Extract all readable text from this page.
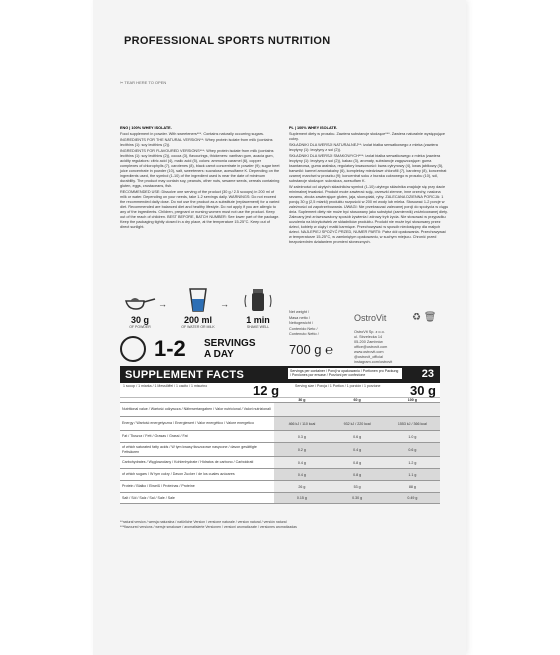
PROFESSIONAL SPORTS NUTRITION
✂ TEAR HERE TO OPEN

ENG | 100% WHEY ISOLATE.

Food supplement in powder. With sweeteners***. Contains naturally occurring sugars.

INGREDIENTS FOR THE NATURAL VERSION**: Whey protein isolate from milk (contains lecithins (1): soy lecithins (2)).

INGREDIENTS FOR FLAVOURED VERSIONS***: Whey protein isolate from milk (contains lecithins (1): soy lecithins (2)), cocoa (3), flavourings, thickeners: xanthan gum, acacia gum, acidity regulators: citric acid (4), malic acid (5), colors: ammonia caramel (6), copper complexes of chlorophylls (7), carotenes (8), black carrot concentrate in powder (9); sugar beet juice concentrate in powder (10), salt, sweeteners: sucralose, acesulfame K. Depending on the ingredients used, the symbol (1-10) of the ingredient used is near the date of minimum durability. The product may contain soy, peanuts, other nuts, sesame seeds, cereals containing gluten, eggs, crustaceans, fish.

RECOMMENDED USE: Dissolve one serving of the product (30 g / 2.5 scoops) in 200 ml of milk or water. Depending on your needs, take 1-2 servings daily. WARNINGS: Do not exceed the recommended daily dose. Do not use the product as a substitute (replacement) for a varied diet. Recommended are balanced diet and healthy lifestyle. Do not apply if you are allergic to any of the ingredients. Children, pregnant or nursing women must not use the product. Keep out of the reach of children. BEST BEFORE, BATCH NUMBER: See lower part of the package. Keep the packaging tightly closed in a dry place, at the temperature 15-25°C. Keep out of direct sunlight.

PL | 100% WHEY ISOLATE.

Suplement diety w proszku. Zawiera substancje słodzące***. Zawiera naturalnie występujące cukry.

SKŁADNIKI DLA WERSJI NATURALNEJ**: izolat białka serwatkowego z mleka (zawiera lecytyny (1): lecytyny z soi (2)).

SKŁADNIKI DLA WERSJI SMAKOWYCH***: izolat białka serwatkowego z mleka (zawiera lecytyny (1): lecytyny z soi (2)), kakao (3), aromaty, substancje zagęszczające: guma ksantanowa, guma arabska, regulatory kwasowości: kwas cytrynowy (4), kwas jabłkowy (5), barwniki: karmel amoniakalny (6), kompleksy miedziowe chlorofili (7), karoteny (8), koncentrat czarnej marchwi w proszku (9); koncentrat soku z buraka cukrowego w proszku (10), sól, substancje słodzące: sukraloza, acesulfam K.

W zależności od użytych składników symbol (1-10) użytego składnika znajduje się przy dacie minimalnej trwałości. Produkt może zawierać soję, orzeszki ziemne, inne orzechy, nasiona sezamu, zboża zawierające gluten, jaja, skorupiaki, ryby. ZALECANA DZIENNA PORCJA: 1 porcję 30 g (2,5 miarki) produktu rozpuścić w 200 ml wody lub mleka. Stosować 1-2 porcje w zależności od zapotrzebowania. UWAGI: Nie przekraczać zalecanej porcji do spożycia w ciągu dnia. Suplement diety nie może być stosowany jako substytut (zamiennik) zróżnicowanej diety. Zalecany jest zrównoważony sposób żywienia i zdrowy tryb życia. Nie stosować w przypadku uczulenia na którykolwiek ze składników produktu. Produkt nie może być stosowany przez dzieci, kobiety w ciąży i matki karmiące. Przechowywać w sposób niedostępny dla małych dzieci. NAJLEPIEJ SPOŻYĆ PRZED, NUMER PARTII: Patrz dół opakowania. Przechowywać w temperaturze 15-25°C, w zamkniętym opakowaniu, w suchym miejscu. Chronić przed bezpośrednim działaniem promieni słonecznych.

30 g
OF POWDER
→
200 ml
OF WATER OR MILK
→
1 min
SHAKE WELL
1-2 SERVINGS
A DAY
Net weight /
Masa netto /
Nettogewicht /
Contenido Neto /
Contenuto Netto /
700 g ℮
OstroVit	♻ 🗑
OstroVit Sp. z o.o.
ul. Strzelecka 14
05-200 Zambrów
office@ostrovit.com
www.ostrovit.com
@ostrovit_official
instagram.com/ostrovit
SUPPLEMENT FACTS	Servings per container / Porcji w opakowaniu / Portionen pro Packung / Porciones por envase / Porzioni per confezione	23
1 scoop / 1 miarka / 1 Messlöffel / 1 cacito / 1 misurino	12 g	Serving size / Porcja / 1 Portion / 1 porción / 1 porzione	30 g
	30 g	60 g	100 g
Nutritional value / Wartość odżywcza / Nährwertangaben / Valor nutricional / Valori nutrizionali			
Energy / Wartość energetyczna / Energiewert / Valor energético / Valore energetico	466 kJ / 110 kcal	932 kJ / 220 kcal	1553 kJ / 366 kcal
Fat / Tłuszcz / Fett / Grasas / Grassi / Fat	0.3 g	0.6 g	1.0 g
of which saturated fatty acids / W tym kwasy tłuszczowe nasycone / davon gesättigte Fettsäuren	0.2 g	0.4 g	0.6 g
Carbohydrates / Węglowodany / Kohlenhydrate / Hidratos de carbono / Carboidrati	0.4 g	0.8 g	1.2 g
of which sugars / W tym cukry / Davon Zucker / de los cuales azúcares	0.4 g	0.8 g	1.1 g
Protein / Białko / Eiweiß / Proteínas / Proteine	26 g	53 g	88 g
Salt / Sól / Salz / Sal / Sale / Sale	0.15 g	0.30 g	0.49 g
**natural version / wersja naturalna / natürliche Version / versione naturale / version natural / versión natural
***flavoured versions / wersje smakowe / aromatisierte Versionen / versioni aromatizzate / versiones aromatizadas
